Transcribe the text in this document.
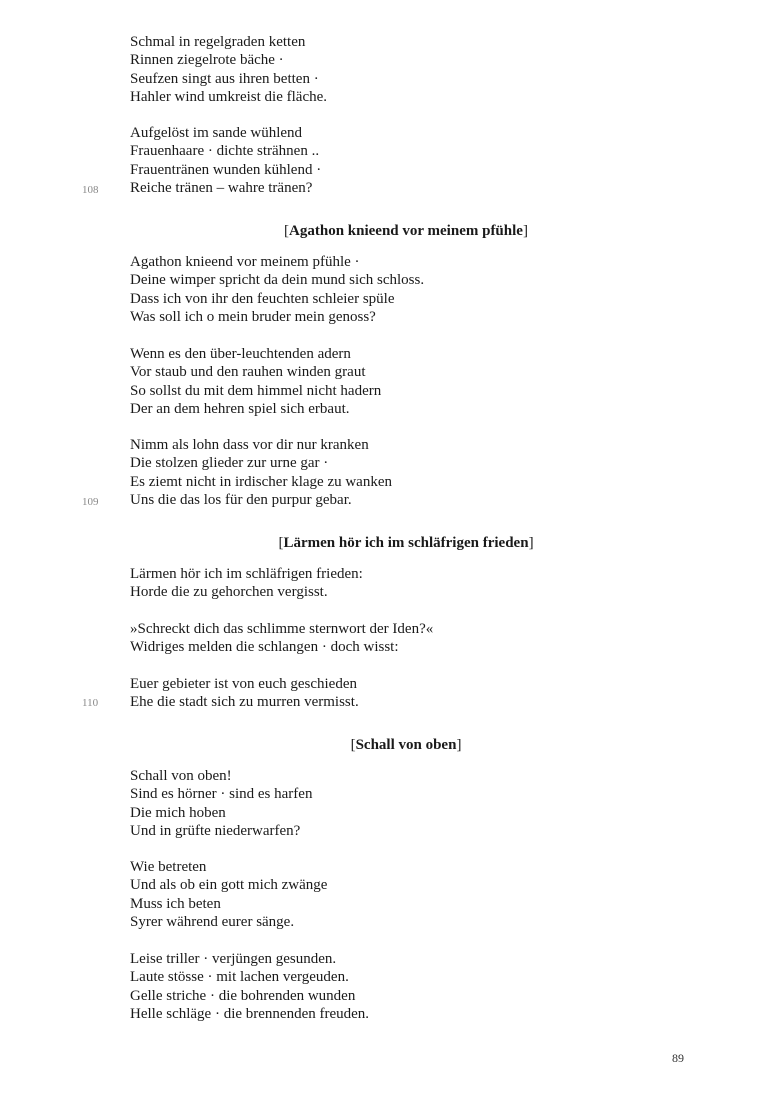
Schmal in regelgraden ketten
Rinnen ziegelrote bäche ·
Seufzen singt aus ihren betten ·
Hahler wind umkreist die fläche.
Aufgelöst im sande wühlend
Frauenhaare · dichte strähnen ..
Frauentränen wunden kühlend ·
Reiche tränen – wahre tränen?
108
[Agathon knieend vor meinem pfühle]
Agathon knieend vor meinem pfühle ·
Deine wimper spricht da dein mund sich schloss.
Dass ich von ihr den feuchten schleier spüle
Was soll ich o mein bruder mein genoss?
Wenn es den über-leuchtenden adern
Vor staub und den rauhen winden graut
So sollst du mit dem himmel nicht hadern
Der an dem hehren spiel sich erbaut.
Nimm als lohn dass vor dir nur kranken
Die stolzen glieder zur urne gar ·
Es ziemt nicht in irdischer klage zu wanken
Uns die das los für den purpur gebar.
109
[Lärmen hör ich im schläfrigen frieden]
Lärmen hör ich im schläfrigen frieden:
Horde die zu gehorchen vergisst.
»Schreckt dich das schlimme sternwort der Iden?«
Widriges melden die schlangen · doch wisst:
Euer gebieter ist von euch geschieden
Ehe die stadt sich zu murren vermisst.
110
[Schall von oben]
Schall von oben!
Sind es hörner · sind es harfen
Die mich hoben
Und in grüfte niederwarfen?
Wie betreten
Und als ob ein gott mich zwänge
Muss ich beten
Syrer während eurer sänge.
Leise triller · verjüngen gesunden.
Laute stösse · mit lachen vergeuden.
Gelle striche · die bohrenden wunden
Helle schläge · die brennenden freuden.
89
